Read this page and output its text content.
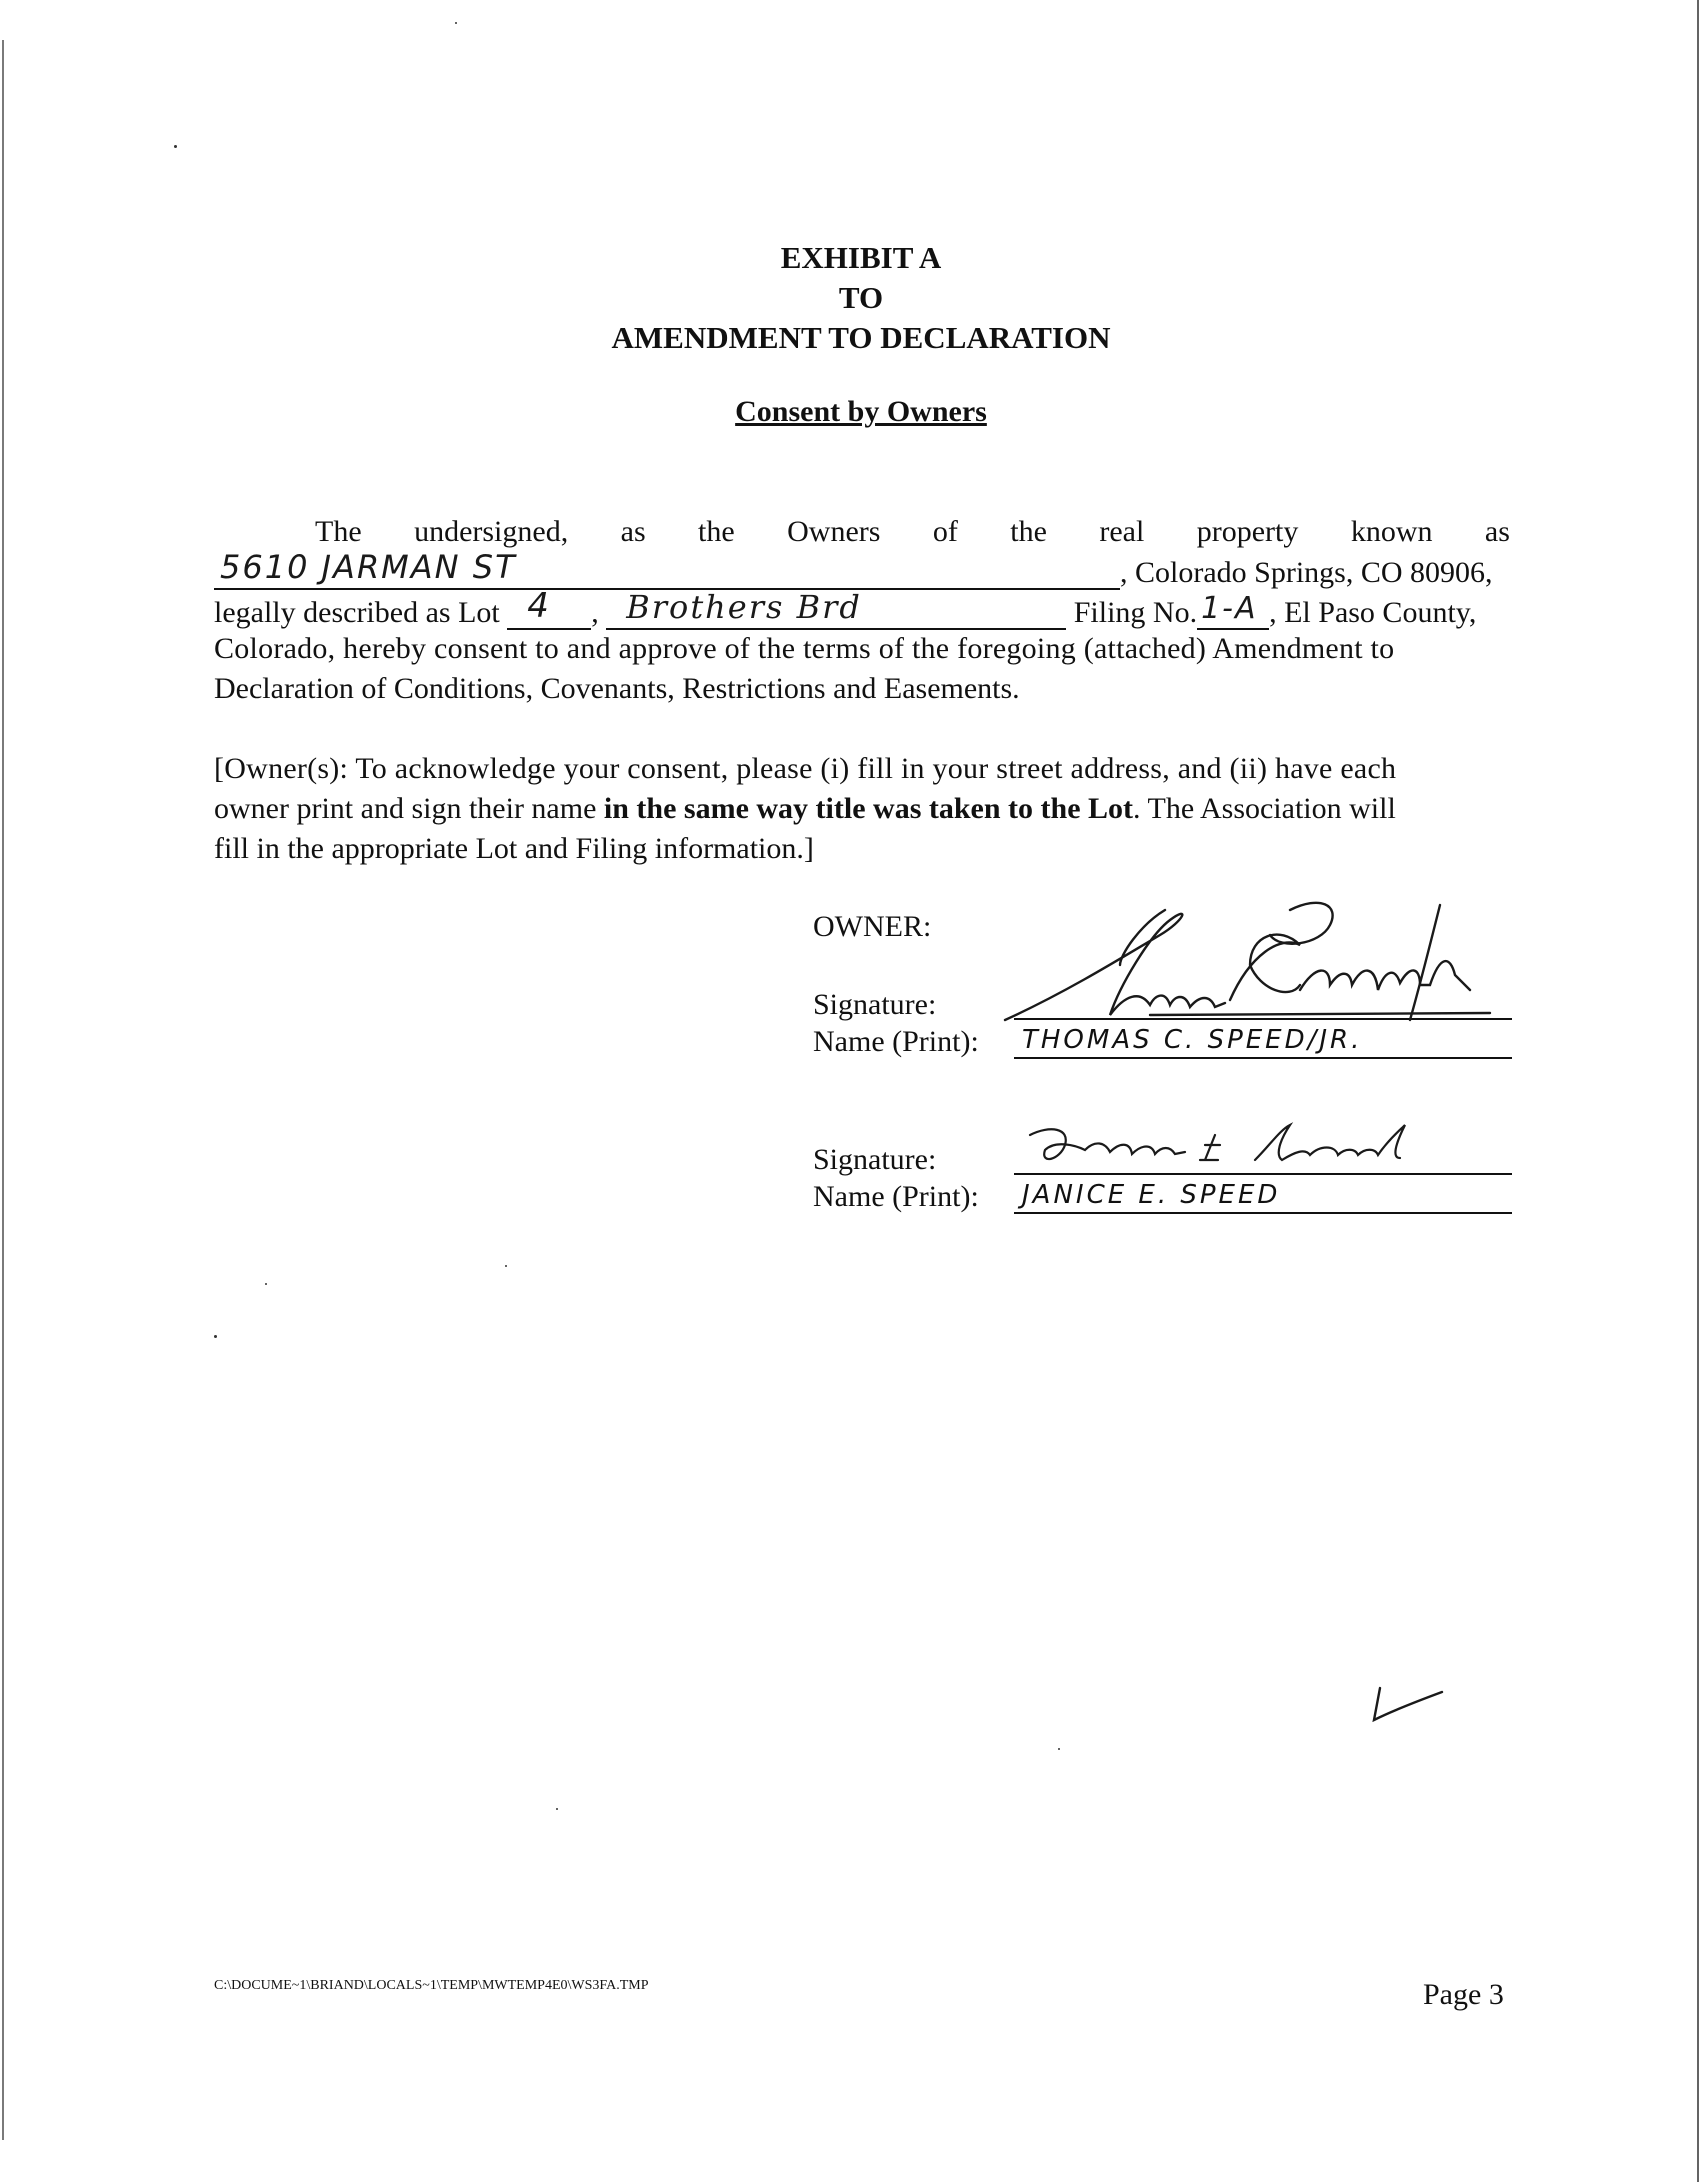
EXHIBIT A
TO
AMENDMENT TO DECLARATION
Consent by Owners
The undersigned, as the Owners of the real property known as
5610 JARMAN ST	, Colorado Springs, CO 80906,
legally described as Lot 4 , Brothers Brd	Filing No. 1-A , El Paso County,
Colorado, hereby consent to and approve of the terms of the foregoing (attached) Amendment to
Declaration of Conditions, Covenants, Restrictions and Easements.
[Owner(s): To acknowledge your consent, please (i) fill in your street address, and (ii) have each
owner print and sign their name in the same way title was taken to the Lot. The Association will
fill in the appropriate Lot and Filing information.]
OWNER:
Signature:
Name (Print): THOMAS C. SPEED/JR.
Signature:
Name (Print): JANICE E. SPEED
C:\DOCUME~1\BRIAND\LOCALS~1\TEMP\MWTEMP4E0\WS3FA.TMP	Page 3
